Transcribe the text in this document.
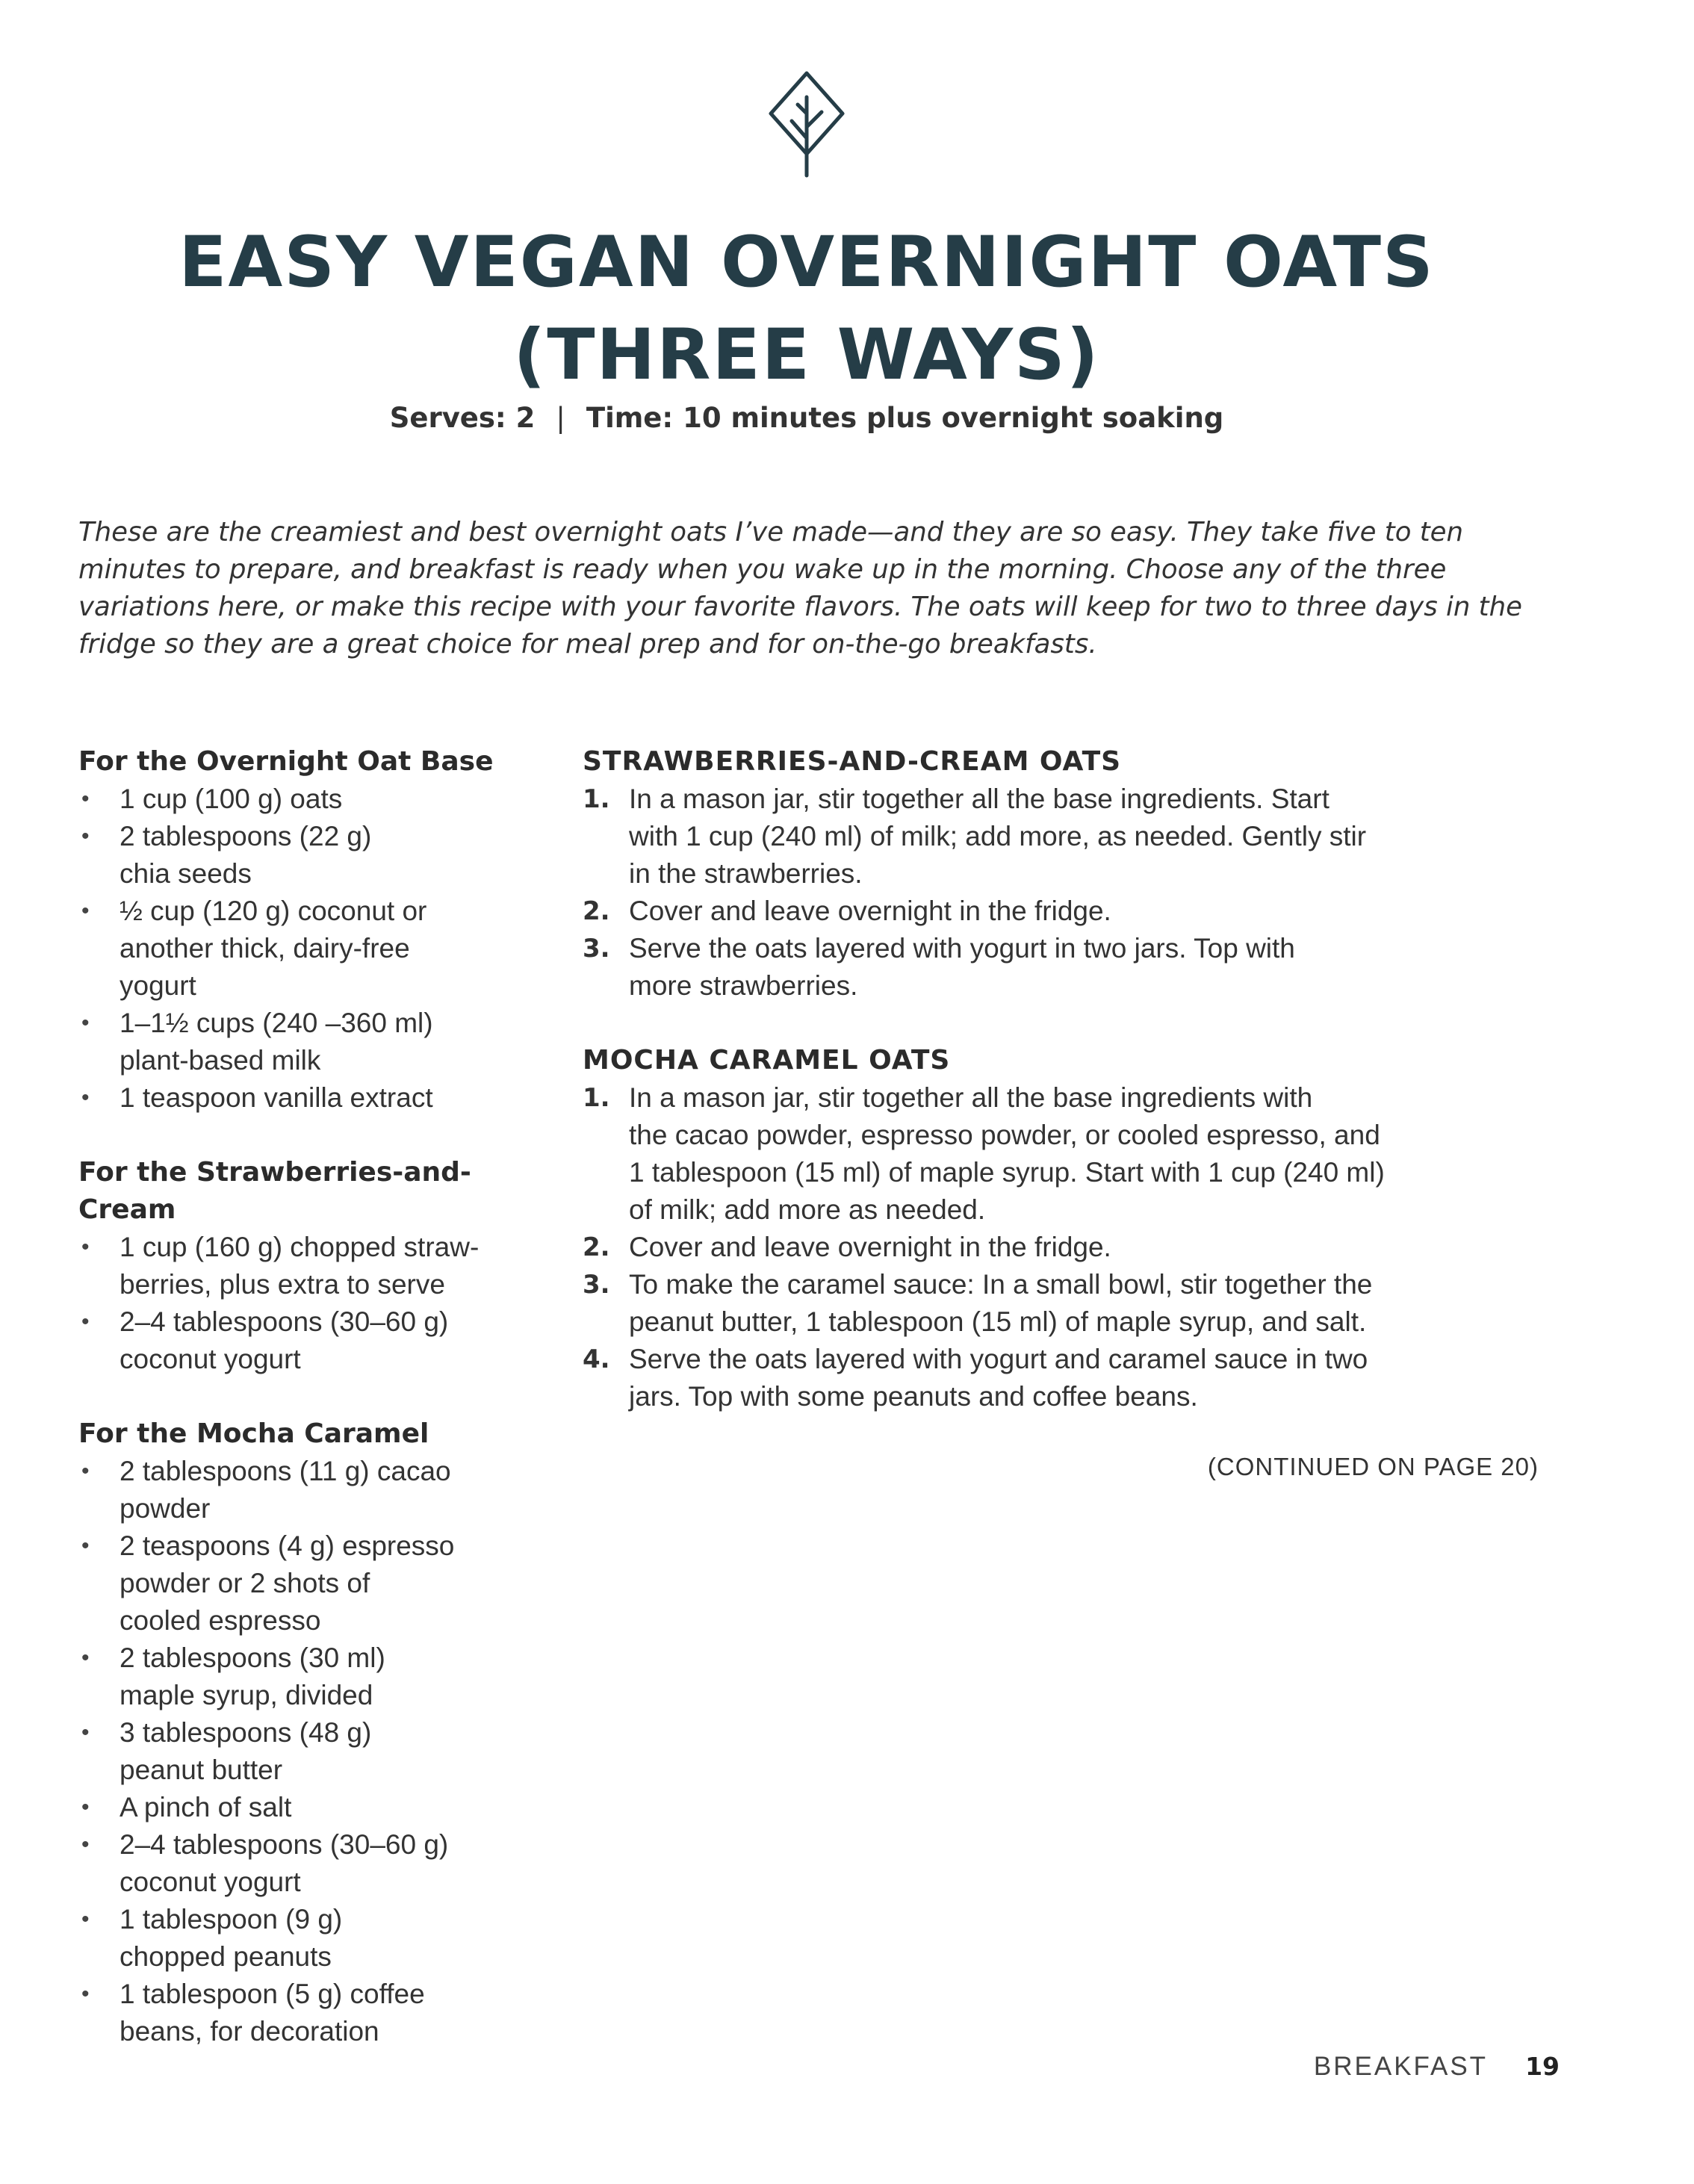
EASY VEGAN OVERNIGHT OATS
(THREE WAYS)
Serves: 2 | Time: 10 minutes plus overnight soaking
These are the creamiest and best overnight oats I’ve made—and they are so easy. They take five to ten minutes to prepare, and breakfast is ready when you wake up in the morning. Choose any of the three variations here, or make this recipe with your favorite flavors. The oats will keep for two to three days in the fridge so they are a great choice for meal prep and for on-the-go breakfasts.
For the Overnight Oat Base
• 1 cup (100 g) oats
• 2 tablespoons (22 g)
chia seeds
• ½ cup (120 g) coconut or
another thick, dairy-free
yogurt
• 1–1½ cups (240 –360 ml)
plant-based milk
• 1 teaspoon vanilla extract
For the Strawberries-and-Cream
• 1 cup (160 g) chopped straw-
berries, plus extra to serve
• 2–4 tablespoons (30–60 g)
coconut yogurt
For the Mocha Caramel
• 2 tablespoons (11 g) cacao
powder
• 2 teaspoons (4 g) espresso
powder or 2 shots of
cooled espresso
• 2 tablespoons (30 ml)
maple syrup, divided
• 3 tablespoons (48 g)
peanut butter
• A pinch of salt
• 2–4 tablespoons (30–60 g)
coconut yogurt
• 1 tablespoon (9 g)
chopped peanuts
• 1 tablespoon (5 g) coffee
beans, for decoration
STRAWBERRIES-AND-CREAM OATS
1. In a mason jar, stir together all the base ingredients. Start
with 1 cup (240 ml) of milk; add more, as needed. Gently stir
in the strawberries.
2. Cover and leave overnight in the fridge.
3. Serve the oats layered with yogurt in two jars. Top with
more strawberries.
MOCHA CARAMEL OATS
1. In a mason jar, stir together all the base ingredients with
the cacao powder, espresso powder, or cooled espresso, and
1 tablespoon (15 ml) of maple syrup. Start with 1 cup (240 ml)
of milk; add more as needed.
2. Cover and leave overnight in the fridge.
3. To make the caramel sauce: In a small bowl, stir together the
peanut butter, 1 tablespoon (15 ml) of maple syrup, and salt.
4. Serve the oats layered with yogurt and caramel sauce in two
jars. Top with some peanuts and coffee beans.
(CONTINUED ON PAGE 20)
BREAKFAST 19
